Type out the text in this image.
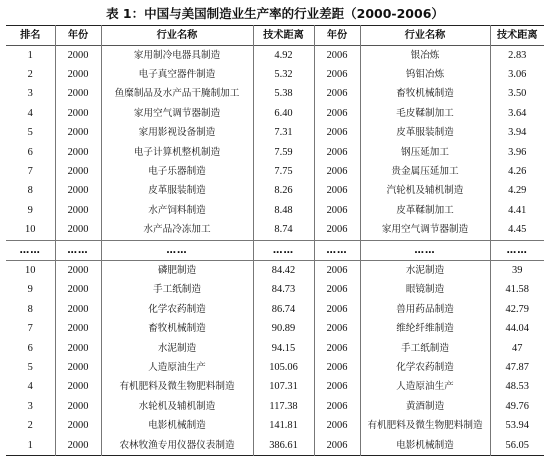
表 1：中国与美国制造业生产率的行业差距（2000-2006）
排名	年份	行业名称	技术距离	年份	行业名称	技术距离
1	2000	家用制冷电器具制造	4.92	2006	银冶炼	2.83
2	2000	电子真空器件制造	5.32	2006	钨钼冶炼	3.06
3	2000	鱼糜制品及水产品干腌制加工	5.38	2006	畜牧机械制造	3.50
4	2000	家用空气调节器制造	6.40	2006	毛皮鞣制加工	3.64
5	2000	家用影视设备制造	7.31	2006	皮革服装制造	3.94
6	2000	电子计算机整机制造	7.59	2006	钢压延加工	3.96
7	2000	电子乐器制造	7.75	2006	贵金属压延加工	4.26
8	2000	皮革服装制造	8.26	2006	汽轮机及辅机制造	4.29
9	2000	水产饲料制造	8.48	2006	皮革鞣制加工	4.41
10	2000	水产品冷冻加工	8.74	2006	家用空气调节器制造	4.45
……	……	……	……	……	……	……
10	2000	磷肥制造	84.42	2006	水泥制造	39
9	2000	手工纸制造	84.73	2006	眼镜制造	41.58
8	2000	化学农药制造	86.74	2006	兽用药品制造	42.79
7	2000	畜牧机械制造	90.89	2006	维纶纤维制造	44.04
6	2000	水泥制造	94.15	2006	手工纸制造	47
5	2000	人造原油生产	105.06	2006	化学农药制造	47.87
4	2000	有机肥料及微生物肥料制造	107.31	2006	人造原油生产	48.53
3	2000	水轮机及辅机制造	117.38	2006	黄酒制造	49.76
2	2000	电影机械制造	141.81	2006	有机肥料及微生物肥料制造	53.94
1	2000	农林牧渔专用仪器仪表制造	386.61	2006	电影机械制造	56.05
